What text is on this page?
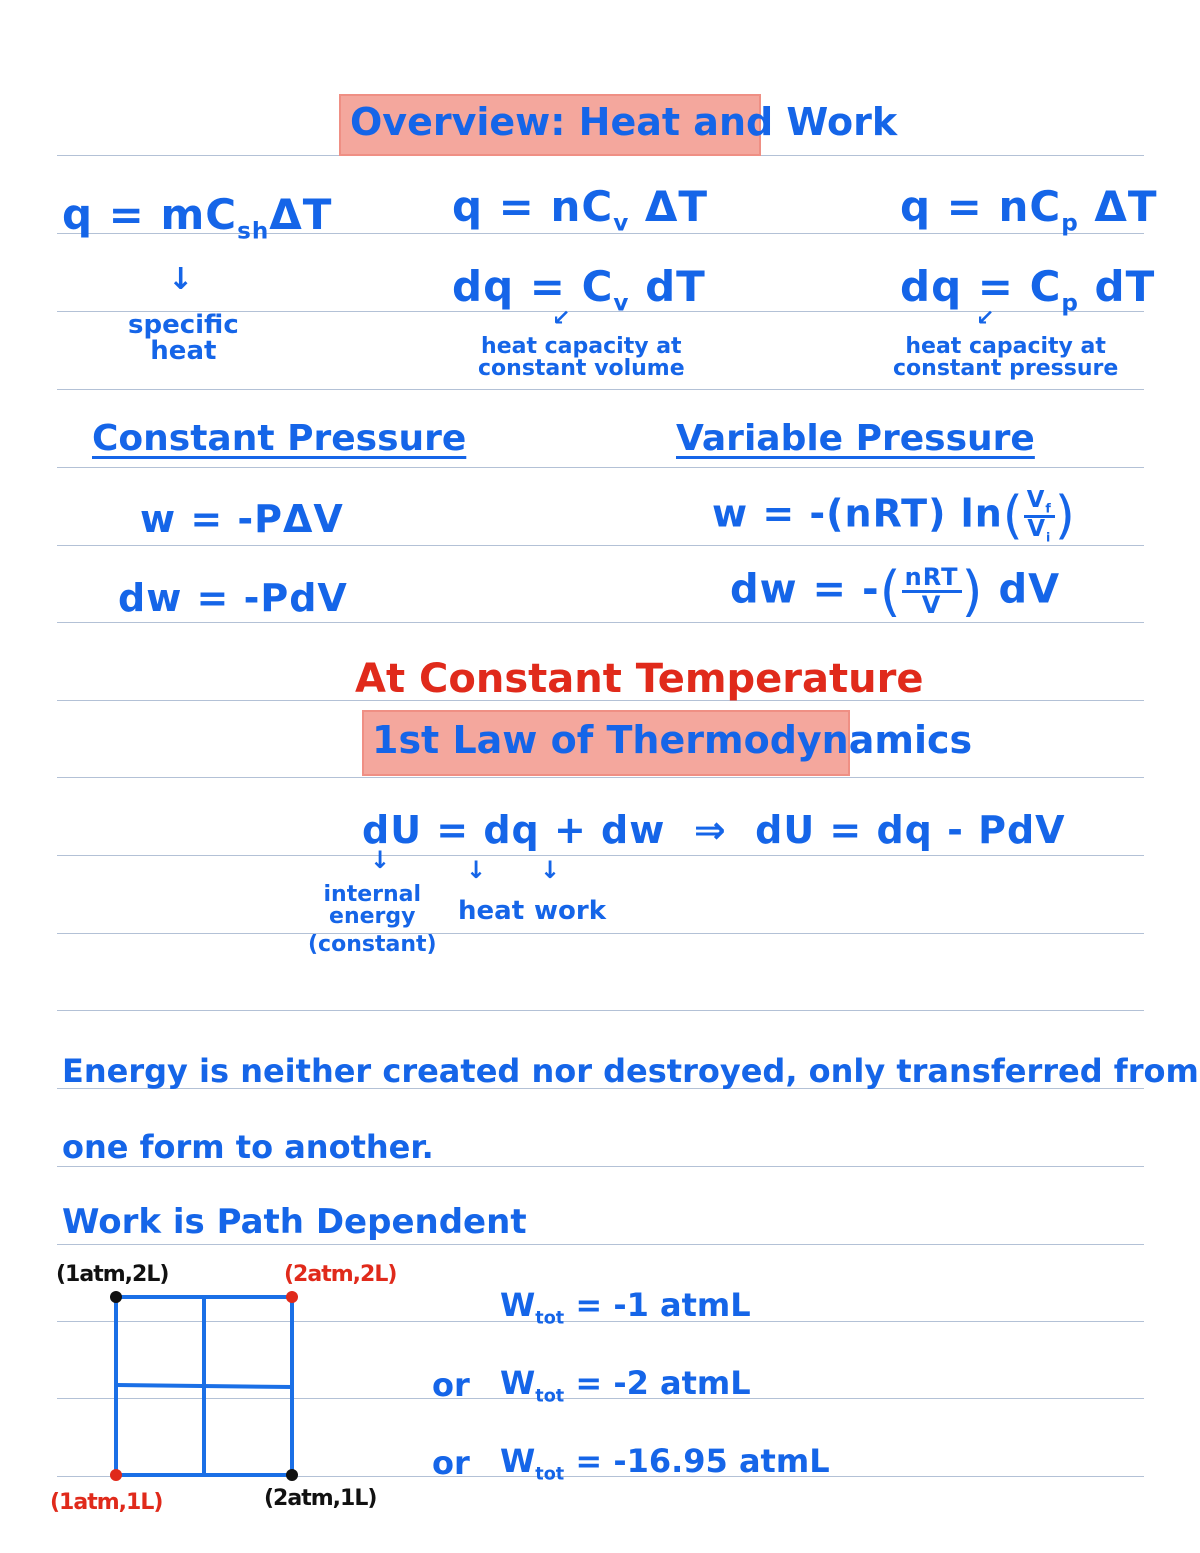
Overview: Heat and Work
$q = mC_{sh}\Delta T$
↓
specific
heat
$q = nC_v$ ΔT
dq = $C_v$ dT
↙
heat capacity at
constant volume
$q = nC_p$ ΔT
dq = $C_p$ dT
↙
heat capacity at
constant pressure
Constant Pressure
w = -PΔV
dw = -PdV
Variable Pressure
w = -(nRT) $\ln( \frac{V_f}{V_i}$ )
dw = -( $\frac{\text{nRT}}{V}$ ) dV
At Constant Temperature
1st Law of Thermodynamics
dU = dq + dw  ⇒  dU = dq - PdV
↓	↓ ↓
internal
energy
(constant)
heat work
Energy is neither created nor destroyed, only transferred from
one form to another.
Work is Path Dependent
(1atm,2L)	(2atm,2L)
(1atm,1L)	(2atm,1L)
$W_{tot} = -1$ atmL
or $W_{tot} = -2$ atmL
or $W_{tot} = -16.95$ atmL
